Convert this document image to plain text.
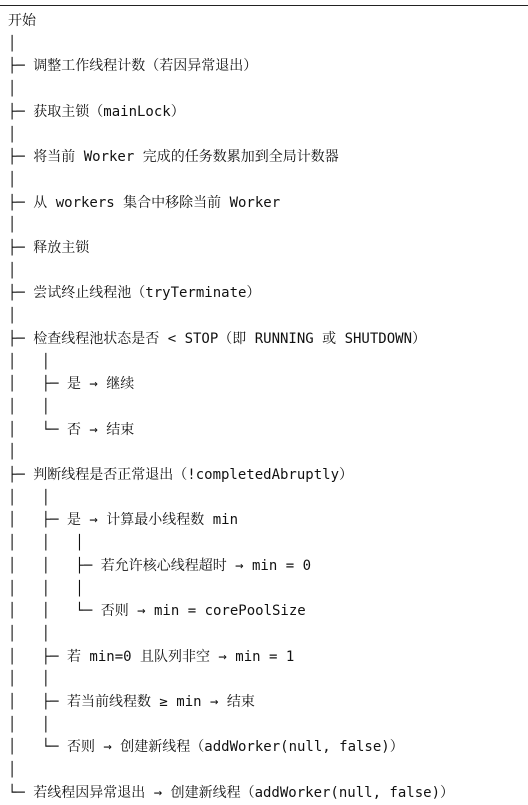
开始
│
├─ 调整工作线程计数（若因异常退出）
│
├─ 获取主锁（mainLock）
│
├─ 将当前 Worker 完成的任务数累加到全局计数器
│
├─ 从 workers 集合中移除当前 Worker
│
├─ 释放主锁
│
├─ 尝试终止线程池（tryTerminate）
│
├─ 检查线程池状态是否 < STOP（即 RUNNING 或 SHUTDOWN）
│   │
│   ├─ 是 → 继续
│   │
│   └─ 否 → 结束
│
├─ 判断线程是否正常退出（!completedAbruptly）
│   │
│   ├─ 是 → 计算最小线程数 min
│   │   │
│   │   ├─ 若允许核心线程超时 → min = 0
│   │   │
│   │   └─ 否则 → min = corePoolSize
│   │
│   ├─ 若 min=0 且队列非空 → min = 1
│   │
│   ├─ 若当前线程数 ≥ min → 结束
│   │
│   └─ 否则 → 创建新线程（addWorker(null, false)）
│
└─ 若线程因异常退出 → 创建新线程（addWorker(null, false)）
